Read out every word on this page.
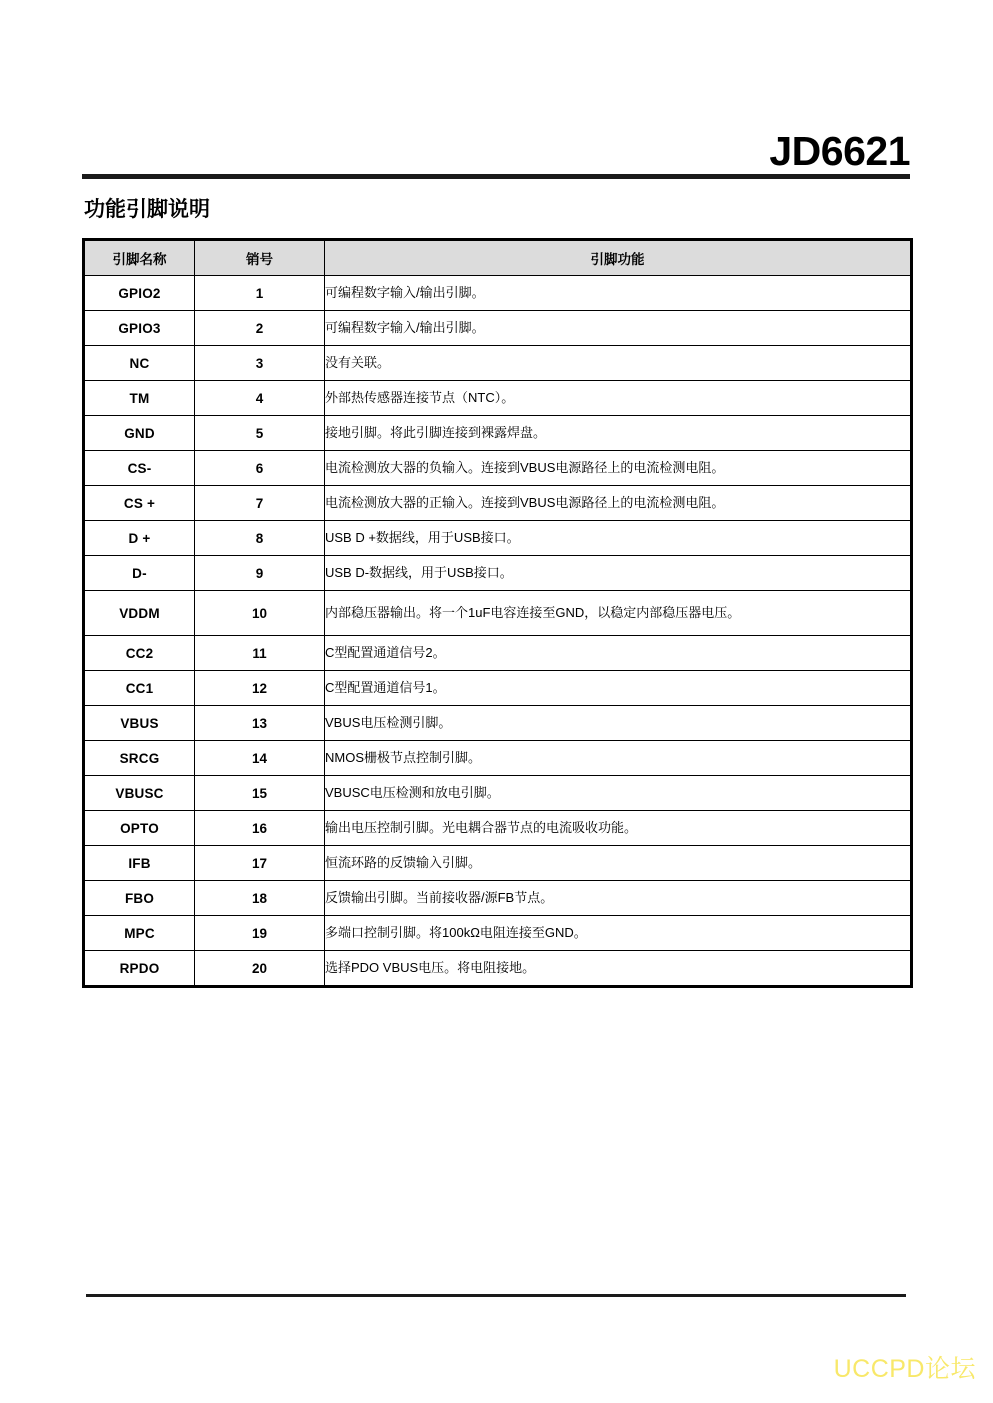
JD6621
功能引脚说明
引脚名称	销号	引脚功能
GPIO2	1	可编程数字输入/输出引脚。
GPIO3	2	可编程数字输入/输出引脚。
NC	3	没有关联。
TM	4	外部热传感器连接节点（NTC）。
GND	5	接地引脚。将此引脚连接到裸露焊盘。
CS-	6	电流检测放大器的负输入。连接到VBUS电源路径上的电流检测电阻。
CS +	7	电流检测放大器的正输入。连接到VBUS电源路径上的电流检测电阻。
D +	8	USB D +数据线，用于USB接口。
D-	9	USB D-数据线，用于USB接口。
VDDM	10	内部稳压器输出。将一个1uF电容连接至GND，以稳定内部稳压器电压。
CC2	11	C型配置通道信号2。
CC1	12	C型配置通道信号1。
VBUS	13	VBUS电压检测引脚。
SRCG	14	NMOS栅极节点控制引脚。
VBUSC	15	VBUSC电压检测和放电引脚。
OPTO	16	输出电压控制引脚。光电耦合器节点的电流吸收功能。
IFB	17	恒流环路的反馈输入引脚。
FBO	18	反馈输出引脚。当前接收器/源FB节点。
MPC	19	多端口控制引脚。将100kΩ电阻连接至GND。
RPDO	20	选择PDO VBUS电压。将电阻接地。
UCCPD论坛
